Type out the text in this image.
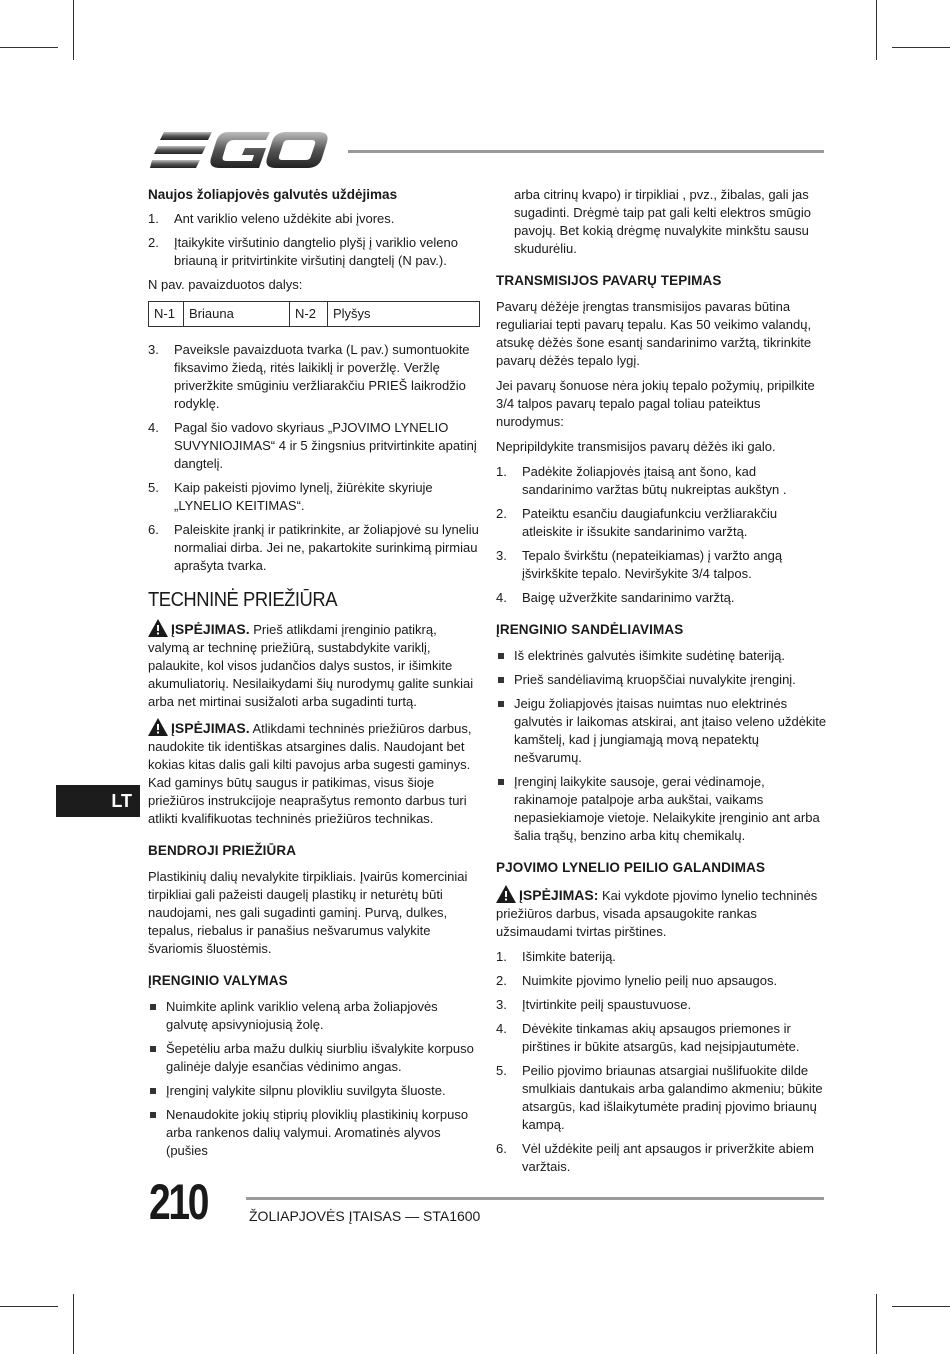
LT
Naujos žoliapjovės galvutės uždėjimas
1. Ant variklio veleno uždėkite abi įvores.
2. Įtaikykite viršutinio dangtelio plyšį į variklio veleno briauną ir pritvirtinkite viršutinį dangtelį (N pav.).

N pav. pavaizduotos dalys:

N-1	Briauna	N-2	Plyšys
3. Paveiksle pavaizduota tvarka (L pav.) sumontuokite fiksavimo žiedą, ritės laikiklį ir poveržlę. Veržlę priveržkite smūginiu veržliarakčiu PRIEŠ laikrodžio rodyklę.
4. Pagal šio vadovo skyriaus „PJOVIMO LYNELIO SUVYNIOJIMAS“ 4 ir 5 žingsnius pritvirtinkite apatinį dangtelį.
5. Kaip pakeisti pjovimo lynelį, žiūrėkite skyriuje „LYNELIO KEITIMAS“.
6. Paleiskite įrankį ir patikrinkite, ar žoliapjovė su lyneliu normaliai dirba. Jei ne, pakartokite surinkimą pirmiau aprašyta tvarka.
TECHNINĖ PRIEŽIŪRA

ĮSPĖJIMAS. Prieš atlikdami įrenginio patikrą, valymą ar techninę priežiūrą, sustabdykite variklį, palaukite, kol visos judančios dalys sustos, ir išimkite akumuliatorių. Nesilaikydami šių nurodymų galite sunkiai arba net mirtinai susižaloti arba sugadinti turtą.

ĮSPĖJIMAS. Atlikdami techninės priežiūros darbus, naudokite tik identiškas atsargines dalis. Naudojant bet kokias kitas dalis gali kilti pavojus arba sugesti gaminys. Kad gaminys būtų saugus ir patikimas, visus šioje priežiūros instrukcijoje neaprašytus remonto darbus turi atlikti kvalifikuotas techninės priežiūros technikas.

BENDROJI PRIEŽIŪRA

Plastikinių dalių nevalykite tirpikliais. Įvairūs komerciniai tirpikliai gali pažeisti daugelį plastikų ir neturėtų būti naudojami, nes gali sugadinti gaminį. Purvą, dulkes, tepalus, riebalus ir panašius nešvarumus valykite švariomis šluostėmis.

ĮRENGINIO VALYMAS
Nuimkite aplink variklio veleną arba žoliapjovės galvutę apsivyniojusią žolę.
Šepetėliu arba mažu dulkių siurbliu išvalykite korpuso galinėje dalyje esančias vėdinimo angas.
Įrenginį valykite silpnu plovikliu suvilgyta šluoste.
Nenaudokite jokių stiprių ploviklių plastikinių korpuso arba rankenos dalių valymui. Aromatinės alyvos (pušies

arba citrinų kvapo) ir tirpikliai , pvz., žibalas, gali jas sugadinti. Drėgmė taip pat gali kelti elektros smūgio pavojų. Bet kokią drėgmę nuvalykite minkštu sausu skudurėliu.

TRANSMISIJOS PAVARŲ TEPIMAS

Pavarų dėžėje įrengtas transmisijos pavaras būtina reguliariai tepti pavarų tepalu. Kas 50 veikimo valandų, atsukę dėžės šone esantį sandarinimo varžtą, tikrinkite pavarų dėžės tepalo lygį.

Jei pavarų šonuose nėra jokių tepalo požymių, pripilkite 3/4 talpos pavarų tepalo pagal toliau pateiktus nurodymus:

Nepripildykite transmisijos pavarų dėžės iki galo.

1. Padėkite žoliapjovės įtaisą ant šono, kad sandarinimo varžtas būtų nukreiptas aukštyn .
2. Pateiktu esančiu daugiafunkciu veržliarakčiu atleiskite ir išsukite sandarinimo varžtą.
3. Tepalo švirkštu (nepateikiamas) į varžto angą įšvirkškite tepalo. Neviršykite 3/4 talpos.
4. Baigę užveržkite sandarinimo varžtą.
ĮRENGINIO SANDĖLIAVIMAS
Iš elektrinės galvutės išimkite sudėtinę bateriją.
Prieš sandėliavimą kruopščiai nuvalykite įrenginį.
Jeigu žoliapjovės įtaisas nuimtas nuo elektrinės galvutės ir laikomas atskirai, ant įtaiso veleno uždėkite kamštelį, kad į jungiamąją movą nepatektų nešvarumų.
Įrenginį laikykite sausoje, gerai vėdinamoje, rakinamoje patalpoje arba aukštai, vaikams nepasiekiamoje vietoje. Nelaikykite įrenginio ant arba šalia trąšų, benzino arba kitų chemikalų.
PJOVIMO LYNELIO PEILIO GALANDIMAS

ĮSPĖJIMAS: Kai vykdote pjovimo lynelio techninės priežiūros darbus, visada apsaugokite rankas užsimaudami tvirtas pirštines.

1. Išimkite bateriją.
2. Nuimkite pjovimo lynelio peilį nuo apsaugos.
3. Įtvirtinkite peilį spaustuvuose.
4. Dėvėkite tinkamas akių apsaugos priemones ir pirštines ir būkite atsargūs, kad neįsipjautumėte.
5. Peilio pjovimo briaunas atsargiai nušlifuokite dilde smulkiais dantukais arba galandimo akmeniu; būkite atsargūs, kad išlaikytumėte pradinį pjovimo briaunų kampą.
6. Vėl uždėkite peilį ant apsaugos ir priveržkite abiem varžtais.
210	ŽOLIAPJOVĖS ĮTAISAS — STA1600
